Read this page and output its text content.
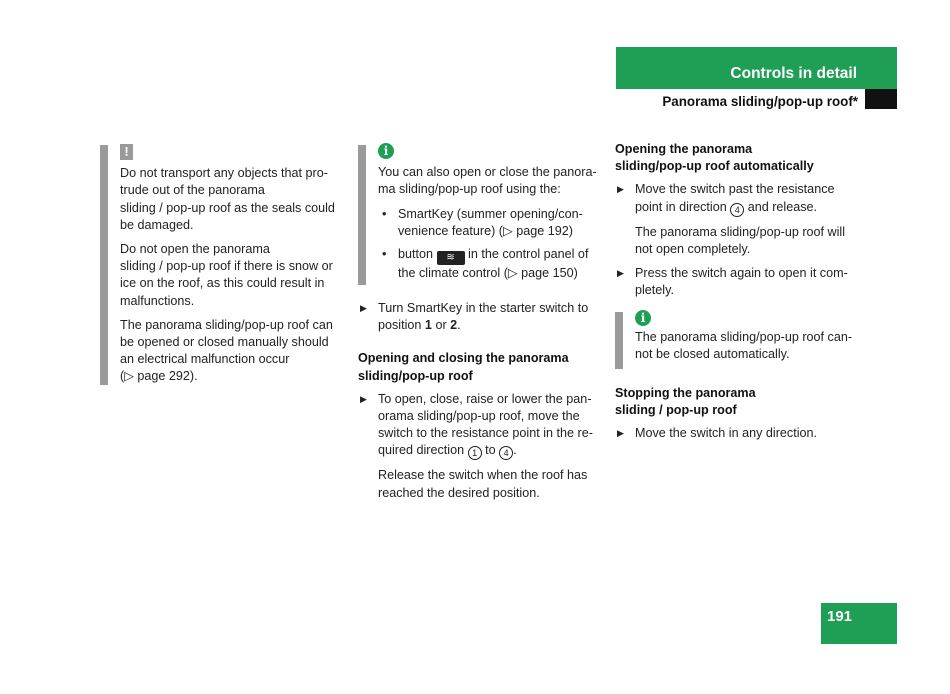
Controls in detail
Panorama sliding/pop-up roof*
!

Do not transport any objects that pro-
trude out of the panorama
sliding / pop-up roof as the seals could
be damaged.

Do not open the panorama
sliding / pop-up roof if there is snow or
ice on the roof, as this could result in
malfunctions.

The panorama sliding/pop-up roof can
be opened or closed manually should
an electrical malfunction occur
(▷ page 292).

i

You can also open or close the panora-
ma sliding/pop-up roof using the:

• SmartKey (summer opening/con-
venience feature) (▷ page 192)
• button ≋ in the control panel of
the climate control (▷ page 150)
▶ Turn SmartKey in the starter switch to
position 1 or 2.

Opening and closing the panorama
sliding/pop-up roof

▶ To open, close, raise or lower the pan-
orama sliding/pop-up roof, move the
switch to the resistance point in the re-
quired direction 1 to 4 .

Release the switch when the roof has
reached the desired position.

Opening the panorama
sliding/pop-up roof automatically

▶ Move the switch past the resistance
point in direction 4 and release.

The panorama sliding/pop-up roof will
not open completely.

▶ Press the switch again to open it com-
pletely.
i

The panorama sliding/pop-up roof can-
not be closed automatically.

Stopping the panorama
sliding / pop-up roof

▶ Move the switch in any direction.
191
